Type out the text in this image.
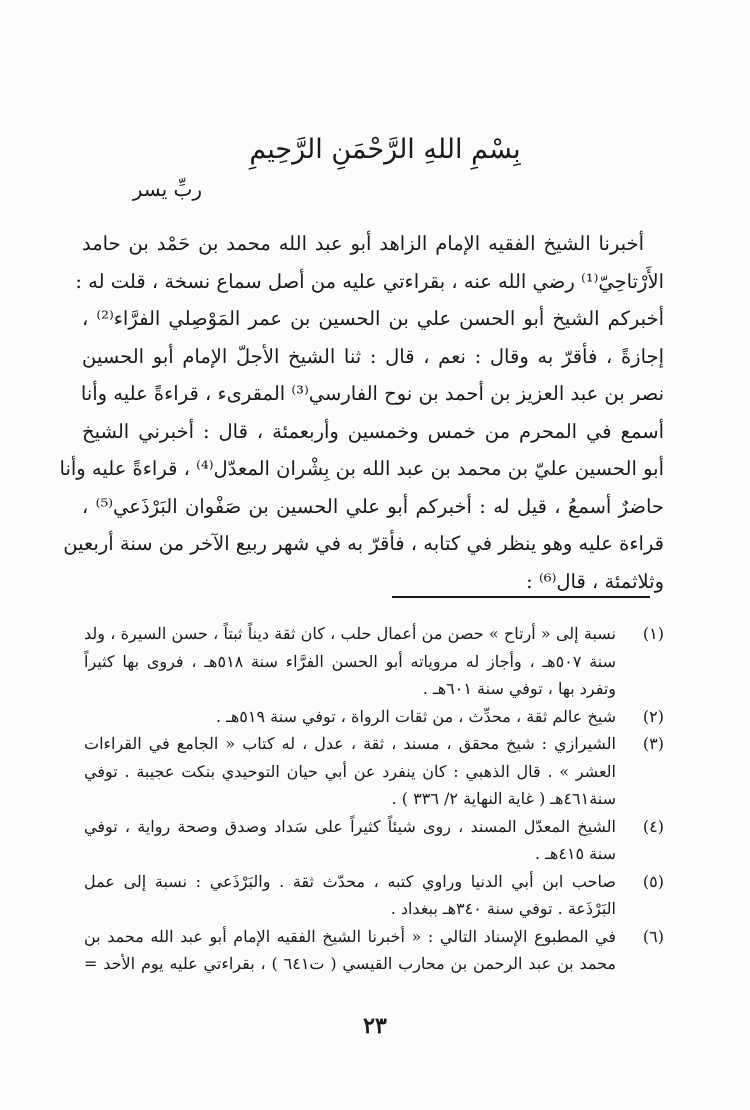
بِسْمِ اللهِ الرَّحْمَنِ الرَّحِيمِ
ربِّ يسر
أخبرنا الشيخ الفقيه الإمام الزاهد أبو عبد الله محمد بن حَمْد بن حامد
الأَرْتاحِيّ⁽¹⁾ رضي الله عنه ، بقراءتي عليه من أصل سماع نسخة ، قلت له :
أخبركم الشيخ أبو الحسن علي بن الحسين بن عمر المَوْصِلي الفرَّاء⁽²⁾ ،
إجازةً ، فأقرّ به وقال : نعم ، قال : ثنا الشيخ الأجلّ الإمام أبو الحسين
نصر بن عبد العزيز بن أحمد بن نوح الفارسي⁽³⁾ المقرىء ، قراءةً عليه وأنا
أسمع في المحرم من خمس وخمسين وأربعمئة ، قال : أخبرني الشيخ
أبو الحسين عليّ بن محمد بن عبد الله بن بِشْران المعدّل⁽⁴⁾ ، قراءةً عليه وأنا
حاضرٌ أسمعُ ، قيل له : أخبركم أبو علي الحسين بن صَفْوان البَرْذَعي⁽⁵⁾ ،
قراءة عليه وهو ينظر في كتابه ، فأقرّ به في شهر ربيع الآخر من سنة أربعين
وثلاثمئة ، قال⁽⁶⁾ :
(١)
نسبة إلى « أرتاح » حصن من أعمال حلب ، كان ثقة ديناً ثبتاً ، حسن السيرة ، ولد
سنة ٥٠٧هـ ، وأجاز له مروياته أبو الحسن الفرَّاء سنة ٥١٨هـ ، فروى بها كثيراً
وتفرد بها ، توفي سنة ٦٠١هـ .
(٢)
شيخ عالم ثقة ، محدِّث ، من ثقات الرواة ، توفي سنة ٥١٩هـ .
(٣)
الشيرازي : شيخ محقق ، مسند ، ثقة ، عدل ، له كتاب « الجامع في القراءات
العشر » . قال الذهبي : كان ينفرد عن أبي حيان التوحيدي بنكت عجيبة . توفي
سنة٤٦١هـ ( غاية النهاية ٢/ ٣٣٦ ) .
(٤)
الشيخ المعدّل المسند ، روى شيئاً كثيراً على سَداد وصدق وصحة رواية ، توفي
سنة ٤١٥هـ .
(٥)
صاحب ابن أبي الدنيا وراوي كتبه ، محدّث ثقة . والبَرْذَعي : نسبة إلى عمل
البَرْذَعة . توفي سنة ٣٤٠هـ ببغداد .
(٦)
في المطبوع الإسناد التالي : « أخبرنا الشيخ الفقيه الإمام أبو عبد الله محمد بن
محمد بن عبد الرحمن بن محارب القيسي ( ت٦٤١ ) ، بقراءتي عليه يوم الأحد =
٢٣
